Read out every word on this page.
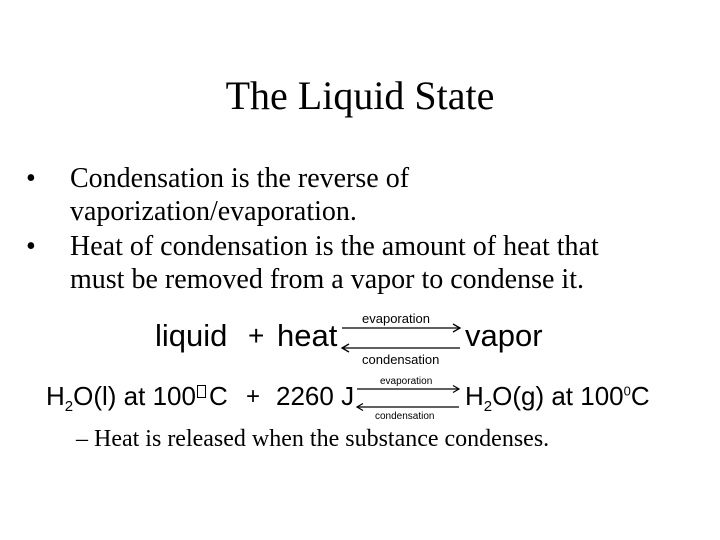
The Liquid State
• Condensation is the reverse of
vaporization/evaporation.
• Heat of condensation is the amount of heat that
must be removed from a vapor to condense it.
liquid + heat evaporation
condensation
vapor
$H_2O(l)$ at 100 C + 2260 J	evaporation
condensation
$H_2O(g)$ at $100^0C$
– Heat is released when the substance condenses.
